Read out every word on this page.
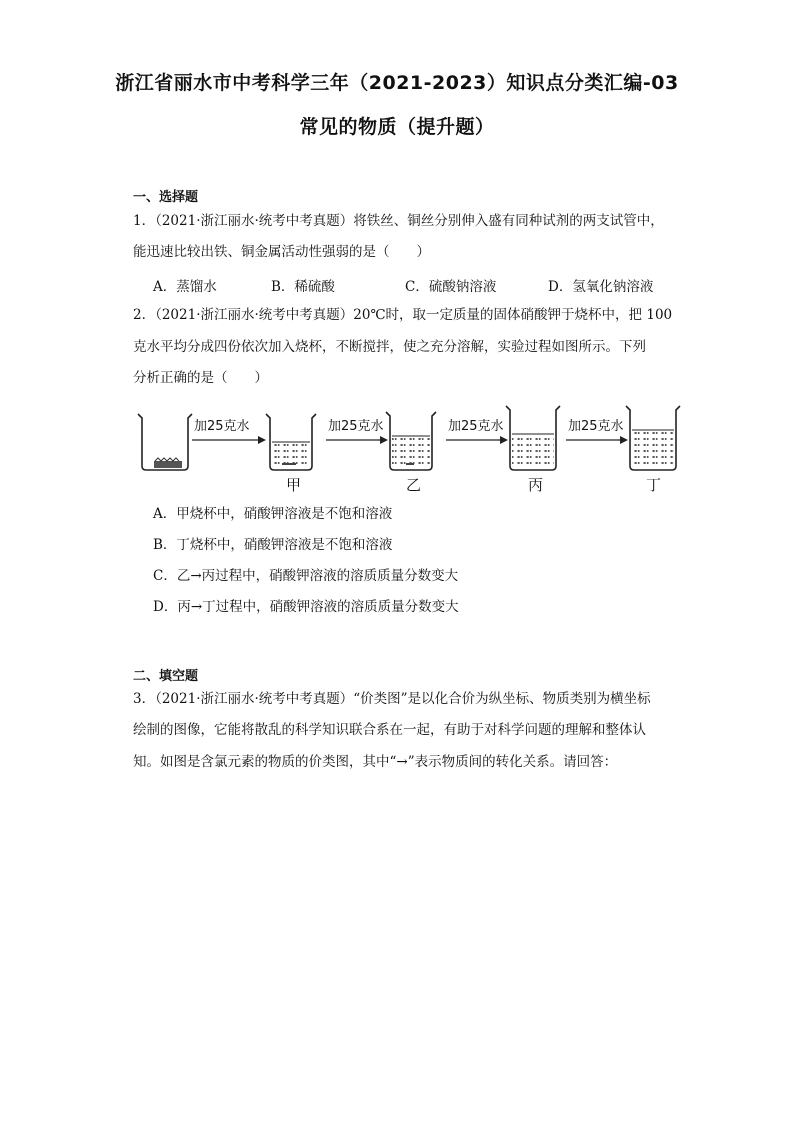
浙江省丽水市中考科学三年（2021-2023）知识点分类汇编-03
常见的物质（提升题）
一、选择题
1．（2021·浙江丽水·统考中考真题）将铁丝、铜丝分别伸入盛有同种试剂的两支试管中，
能迅速比较出铁、铜金属活动性强弱的是（　　）
A．蒸馏水	B．稀硫酸	C．硫酸钠溶液	D．氢氧化钠溶液
2．（2021·浙江丽水·统考中考真题）20℃时，取一定质量的固体硝酸钾于烧杯中，把 100
克水平均分成四份依次加入烧杯，不断搅拌，使之充分溶解，实验过程如图所示。下列
分析正确的是（　　）
加25克水
甲
加25克水
乙
加25克水
丙
加25克水
丁
A．甲烧杯中，硝酸钾溶液是不饱和溶液
B．丁烧杯中，硝酸钾溶液是不饱和溶液
C．乙→丙过程中，硝酸钾溶液的溶质质量分数变大
D．丙→丁过程中，硝酸钾溶液的溶质质量分数变大
二、填空题
3．（2021·浙江丽水·统考中考真题）“价类图”是以化合价为纵坐标、物质类别为横坐标
绘制的图像，它能将散乱的科学知识联合系在一起，有助于对科学问题的理解和整体认
知。如图是含氯元素的物质的价类图，其中“→”表示物质间的转化关系。请回答：
